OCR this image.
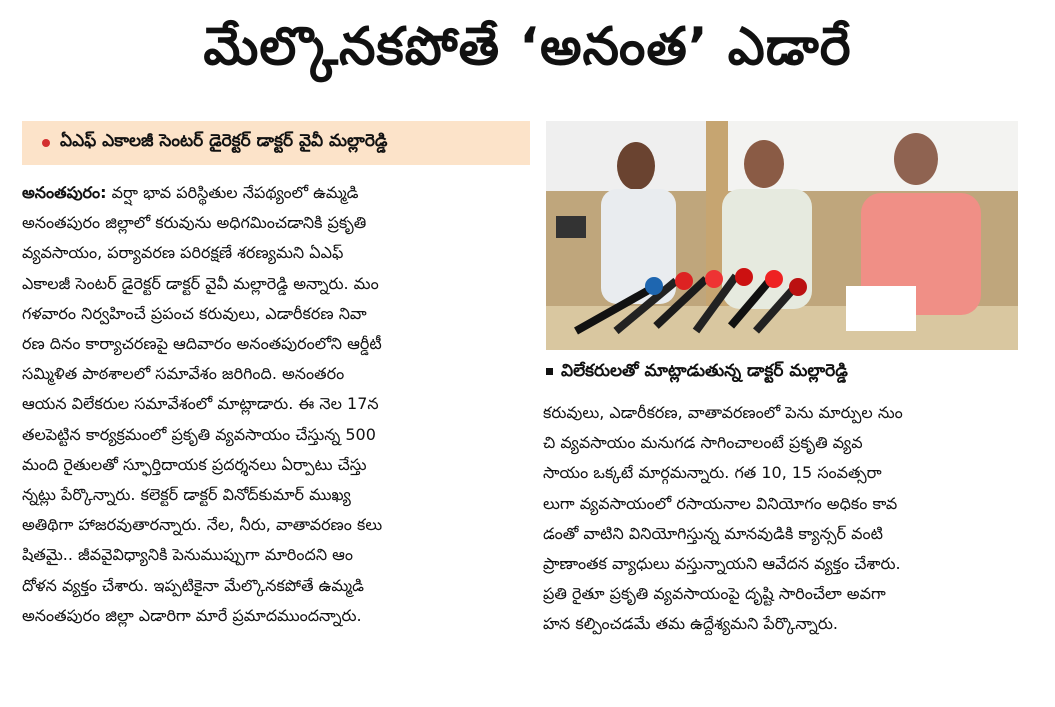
మేల్కొనకపోతే ‘అనంత’ ఎడారే
ఏఎఫ్ ఎకాలజీ సెంటర్ డైరెక్టర్ డాక్టర్ వైవీ మల్లారెడ్డి
అనంతపురం: వర్షా భావ పరిస్థితుల నేపథ్యంలో ఉమ్మడి
అనంతపురం జిల్లాలో కరువును అధిగమించడానికి ప్రకృతి
వ్యవసాయం, పర్యావరణ పరిరక్షణే శరణ్యమని ఏఎఫ్
ఎకాలజీ సెంటర్ డైరెక్టర్ డాక్టర్ వైవీ మల్లారెడ్డి అన్నారు. మం
గళవారం నిర్వహించే ప్రపంచ కరువులు, ఎడారీకరణ నివా
రణ దినం కార్యాచరణపై ఆదివారం అనంతపురంలోని ఆర్డీటీ
సమ్మిళిత పాఠశాలలో సమావేశం జరిగింది. అనంతరం
ఆయన విలేకరుల సమావేశంలో మాట్లాడారు. ఈ నెల 17న
తలపెట్టిన కార్యక్రమంలో ప్రకృతి వ్యవసాయం చేస్తున్న 500
మంది రైతులతో స్ఫూర్తిదాయక ప్రదర్శనలు ఏర్పాటు చేస్తు
న్నట్లు పేర్కొన్నారు. కలెక్టర్ డాక్టర్ వినోద్‌కుమార్ ముఖ్య
అతిథిగా హాజరవుతారన్నారు. నేల, నీరు, వాతావరణం కలు
షితమై.. జీవవైవిధ్యానికి పెనుముప్పుగా మారిందని ఆం
దోళన వ్యక్తం చేశారు. ఇప్పటికైనా మేల్కొనకపోతే ఉమ్మడి
అనంతపురం జిల్లా ఎడారిగా మారే ప్రమాదముందన్నారు.
విలేకరులతో మాట్లాడుతున్న డాక్టర్ మల్లారెడ్డి
కరువులు, ఎడారీకరణ, వాతావరణంలో పెను మార్పుల నుం
చి వ్యవసాయం మనుగడ సాగించాలంటే ప్రకృతి వ్యవ
సాయం ఒక్కటే మార్గమన్నారు. గత 10, 15 సంవత్సరా
లుగా వ్యవసాయంలో రసాయనాల వినియోగం అధికం కావ
డంతో వాటిని వినియోగిస్తున్న మానవుడికి క్యాన్సర్ వంటి
ప్రాణాంతక వ్యాధులు వస్తున్నాయని ఆవేదన వ్యక్తం చేశారు.
ప్రతి రైతూ ప్రకృతి వ్యవసాయంపై దృష్టి సారించేలా అవగా
హన కల్పించడమే తమ ఉద్దేశ్యమని పేర్కొన్నారు.
